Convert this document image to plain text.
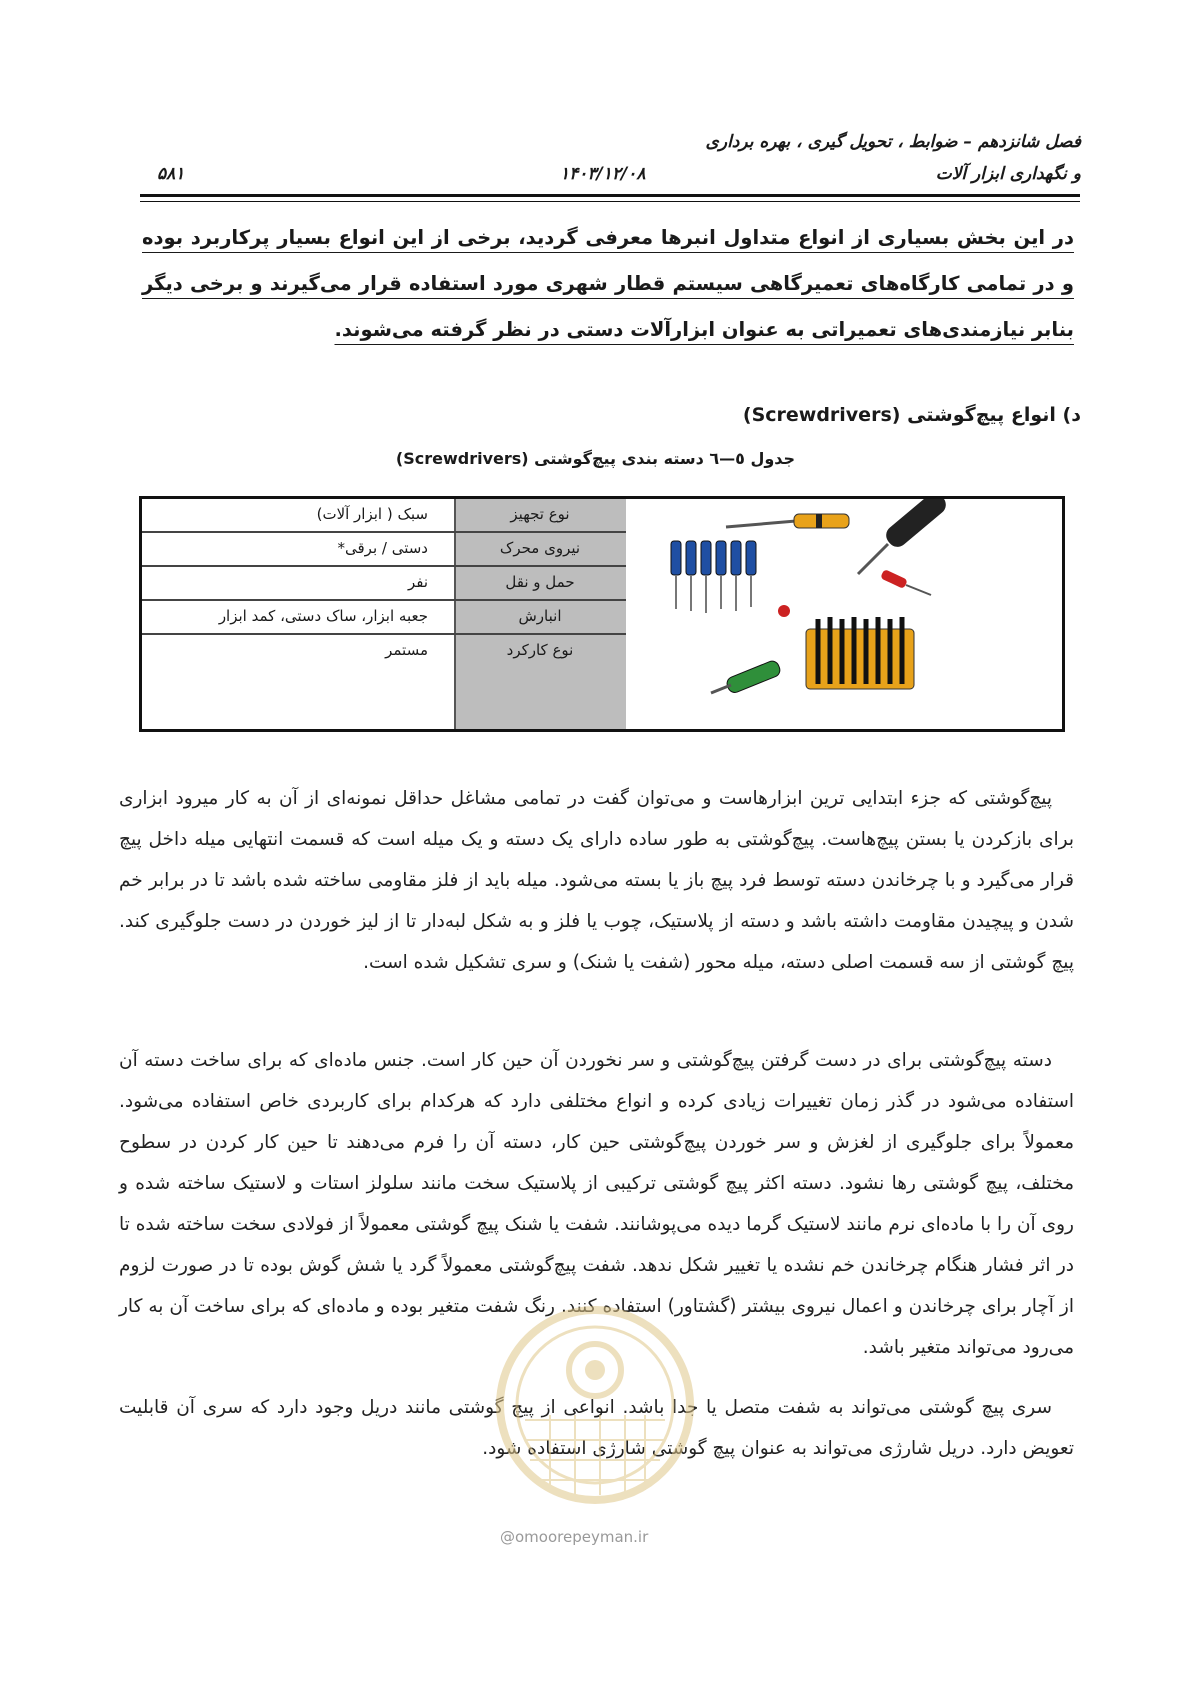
فصل شانزدهم – ضوابط ، تحویل گیری ، بهره برداری
و نگهداری ابزار آلات
۱۴۰۳/۱۲/۰۸
۵۸۱
در این بخش بسیاری از انواع متداول انبرها معرفی گردید، برخی از این انواع بسیار پرکاربرد بوده و در تمامی کارگاه‌های تعمیرگاهی سیستم قطار شهری مورد استفاده قرار می‌گیرند و برخی دیگر بنابر نیازمندی‌های تعمیراتی به عنوان ابزارآلات دستی در نظر گرفته می‌شوند.
د) انواع پیچ‌گوشتی (Screwdrivers)
جدول ٥—٦ دسته بندی پیچ‌گوشتی (Screwdrivers)
نوع تجهیز
سبک ( ابزار آلات)
نیروی محرک
دستی / برقی*
حمل و نقل
نفر
انبارش
جعبه ابزار، ساک دستی، کمد ابزار
نوع کارکرد
مستمر
پیچ‌گوشتی که جزء ابتدایی ترین ابزارهاست و می‌توان گفت در تمامی مشاغل حداقل نمونه‌ای از آن به کار میرود ابزاری برای بازکردن یا بستن پیچ‌هاست. پیچ‌گوشتی به طور ساده دارای یک دسته و یک میله است که قسمت انتهایی میله داخل پیچ قرار می‌گیرد و با چرخاندن دسته توسط فرد پیچ باز یا بسته می‌شود. میله باید از فلز مقاومی ساخته شده باشد تا در برابر خم شدن و پیچیدن مقاومت داشته باشد و دسته از پلاستیک، چوب یا فلز و به شکل لبه‌دار تا از لیز خوردن در دست جلوگیری کند. پیچ گوشتی از سه قسمت اصلی دسته، میله محور (شفت یا شنک) و سری تشکیل شده است.
دسته پیچ‌گوشتی برای در دست گرفتن پیچ‌گوشتی و سر نخوردن آن حین کار است. جنس ماده‌ای که برای ساخت دسته آن استفاده می‌شود در گذر زمان تغییرات زیادی کرده و انواع مختلفی دارد که هرکدام برای کاربردی خاص استفاده می‌شود. معمولاً برای جلوگیری از لغزش و سر خوردن پیچ‌گوشتی حین کار، دسته آن را فرم می‌دهند تا حین کار کردن در سطوح مختلف، پیچ گوشتی رها نشود. دسته اکثر پیچ گوشتی ترکیبی از پلاستیک سخت مانند سلولز استات و لاستیک ساخته شده و روی آن را با ماده‌ای نرم مانند لاستیک گرما دیده می‌پوشانند. شفت یا شنک پیچ گوشتی معمولاً از فولادی سخت ساخته شده تا در اثر فشار هنگام چرخاندن خم نشده یا تغییر شکل ندهد. شفت پیچ‌گوشتی معمولاً گرد یا شش گوش بوده تا در صورت لزوم از آچار برای چرخاندن و اعمال نیروی بیشتر (گشتاور) استفاده کنند. رنگ شفت متغیر بوده و ماده‌ای که برای ساخت آن به کار می‌رود می‌تواند متغیر باشد.
سری پیچ گوشتی می‌تواند به شفت متصل یا جدا باشد. انواعی از پیچ گوشتی مانند دریل وجود دارد که سری آن قابلیت تعویض دارد. دریل شارژی می‌تواند به عنوان پیچ گوشتی شارژی استفاده شود.
@omoorepeyman.ir
